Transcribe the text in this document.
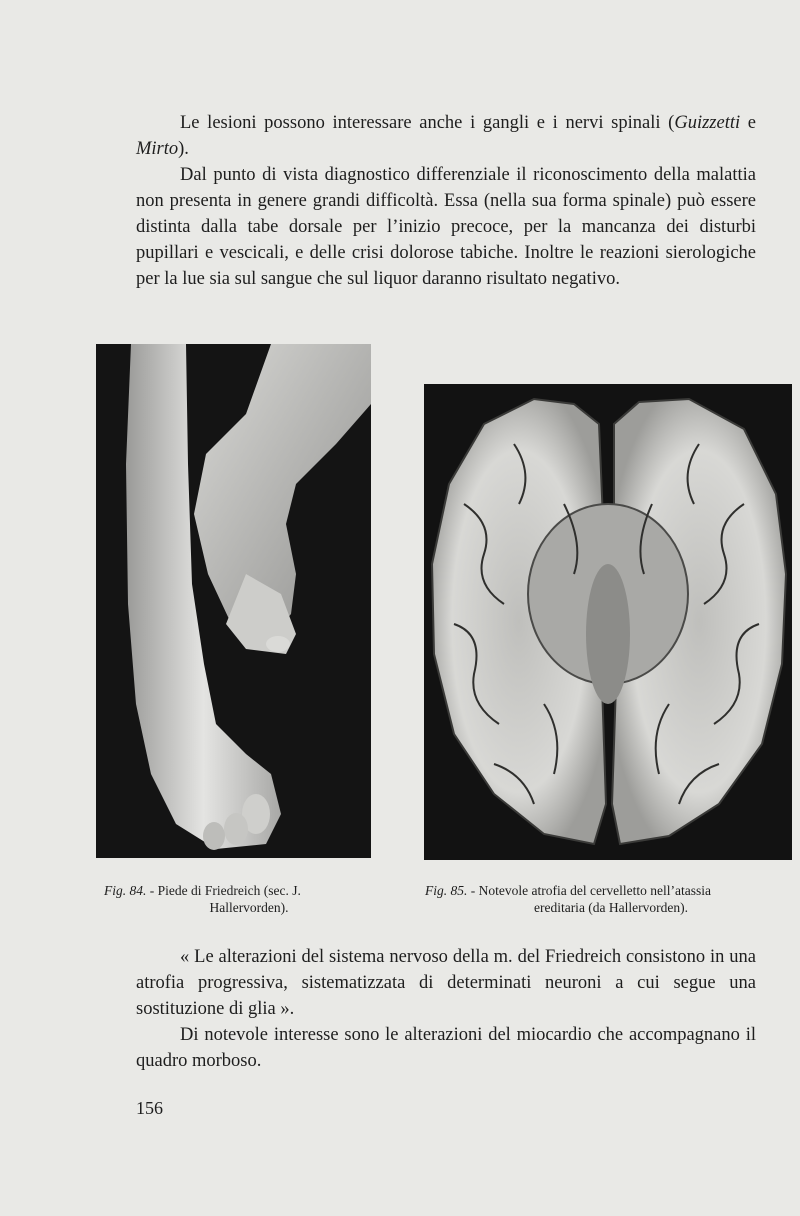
Le lesioni possono interessare anche i gangli e i nervi spinali (Guizzetti e Mirto).

Dal punto di vista diagnostico differenziale il riconoscimento della malattia non presenta in genere grandi difficoltà. Essa (nella sua forma spinale) può essere distinta dalla tabe dorsale per l’inizio precoce, per la mancanza dei disturbi pupillari e vescicali, e delle crisi dolorose tabiche. Inoltre le reazioni sierologiche per la lue sia sul sangue che sul liquor daranno risultato negativo.

Fig. 84. - Piede di Friedreich (sec. J.
Hallervorden).

Fig. 85. - Notevole atrofia del cervelletto nell’atassia
ereditaria (da Hallervorden).

« Le alterazioni del sistema nervoso della m. del Friedreich consistono in una atrofia progressiva, sistematizzata di determinati neuroni a cui segue una sostituzione di glia ».

Di notevole interesse sono le alterazioni del miocardio che accompagnano il quadro morboso.

156
